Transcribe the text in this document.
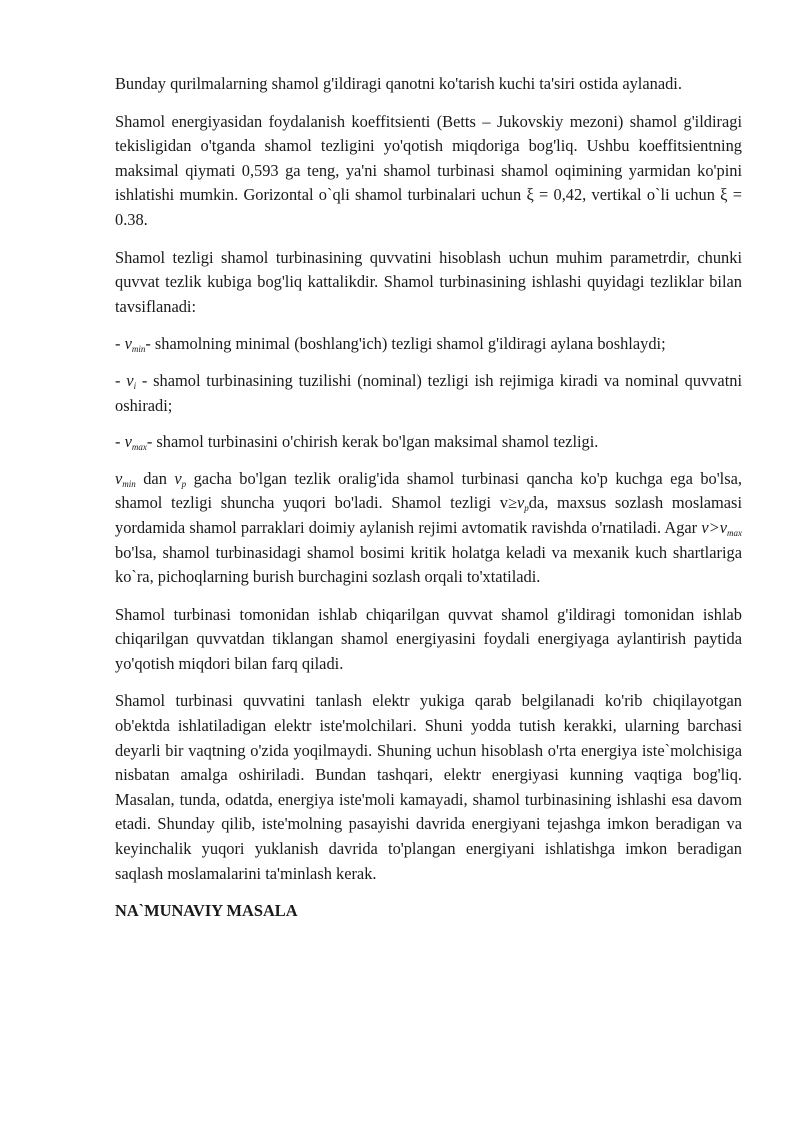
Bunday qurilmalarning shamol g'ildiragi qanotni ko'tarish kuchi ta'siri ostida aylanadi.

Shamol energiyasidan foydalanish koeffitsienti (Betts – Jukovskiy mezoni) shamol g'ildiragi tekisligidan o'tganda shamol tezligini yo'qotish miqdoriga bog'liq. Ushbu koeffitsientning maksimal qiymati 0,593 ga teng, ya'ni shamol turbinasi shamol oqimining yarmidan ko'pini ishlatishi mumkin. Gorizontal o`qli shamol turbinalari uchun ξ = 0,42, vertikal o`li uchun ξ = 0.38.

Shamol tezligi shamol turbinasining quvvatini hisoblash uchun muhim parametrdir, chunki quvvat tezlik kubiga bog'liq kattalikdir. Shamol turbinasining ishlashi quyidagi tezliklar bilan tavsiflanadi:

- $v_{min}-$ shamolning minimal (boshlang'ich) tezligi shamol g'ildiragi aylana boshlaydi;

- $v_i$ - shamol turbinasining tuzilishi (nominal) tezligi ish rejimiga kiradi va nominal quvvatni oshiradi;

- $v_{max}-$ shamol turbinasini o'chirish kerak bo'lgan maksimal shamol tezligi.

$v_{min}$ dan $v_p$ gacha bo'lgan tezlik oralig'ida shamol turbinasi qancha ko'p kuchga ega bo'lsa, shamol tezligi shuncha yuqori bo'ladi. Shamol tezligi $v\ge v_pda$, maxsus sozlash moslamasi yordamida shamol parraklari doimiy aylanish rejimi avtomatik ravishda o'rnatiladi. Agar $v>v_{max}$ bo'lsa, shamol turbinasidagi shamol bosimi kritik holatga keladi va mexanik kuch shartlariga ko`ra, pichoqlarning burish burchagini sozlash orqali to'xtatiladi.

Shamol turbinasi tomonidan ishlab chiqarilgan quvvat shamol g'ildiragi tomonidan ishlab chiqarilgan quvvatdan tiklangan shamol energiyasini foydali energiyaga aylantirish paytida yo'qotish miqdori bilan farq qiladi.

Shamol turbinasi quvvatini tanlash elektr yukiga qarab belgilanadi ko'rib chiqilayotgan ob'ektda ishlatiladigan elektr iste'molchilari. Shuni yodda tutish kerakki, ularning barchasi deyarli bir vaqtning o'zida yoqilmaydi. Shuning uchun hisoblash o'rta energiya iste`molchisiga nisbatan amalga oshiriladi. Bundan tashqari, elektr energiyasi kunning vaqtiga bog'liq. Masalan, tunda, odatda, energiya iste'moli kamayadi, shamol turbinasining ishlashi esa davom etadi. Shunday qilib, iste'molning pasayishi davrida energiyani tejashga imkon beradigan va keyinchalik yuqori yuklanish davrida to'plangan energiyani ishlatishga imkon beradigan saqlash moslamalarini ta'minlash kerak.

NA`MUNAVIY MASALA
